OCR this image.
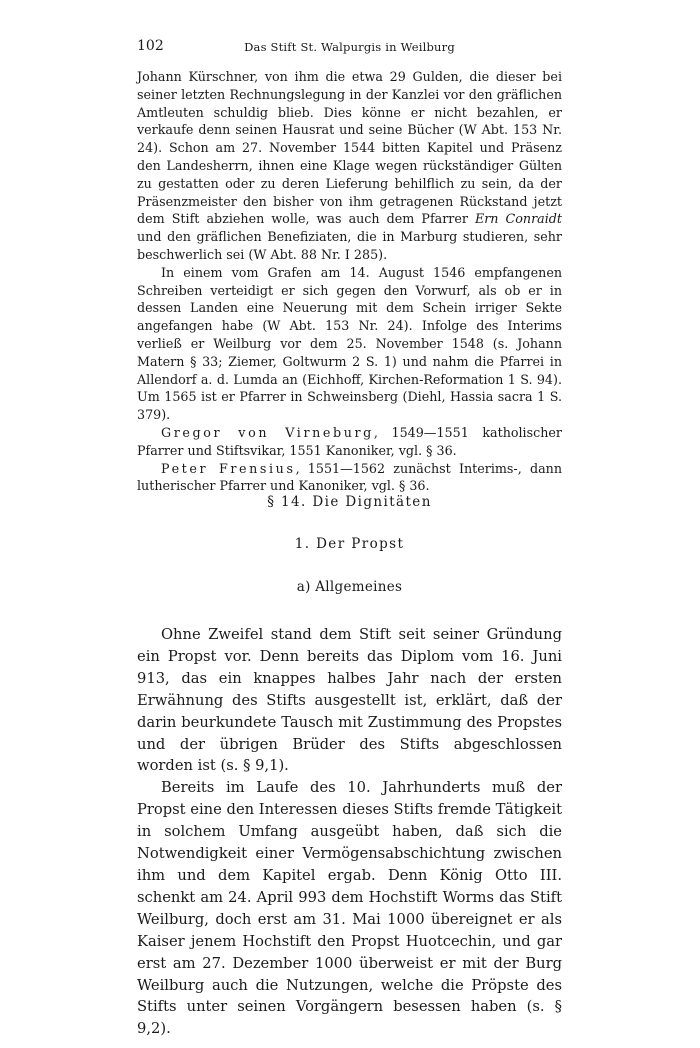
102	Das Stift St. Walpurgis in Weilburg

Johann Kürschner, von ihm die etwa 29 Gulden, die dieser bei seiner letzten Rechnungslegung in der Kanzlei vor den gräflichen Amtleuten schuldig blieb. Dies könne er nicht bezahlen, er verkaufe denn seinen Hausrat und seine Bücher (W Abt. 153 Nr. 24). Schon am 27. November 1544 bitten Kapitel und Präsenz den Landesherrn, ihnen eine Klage wegen rückständiger Gülten zu gestatten oder zu deren Lieferung behilflich zu sein, da der Präsenzmeister den bisher von ihm getragenen Rückstand jetzt dem Stift abziehen wolle, was auch dem Pfarrer Ern Conraidt und den gräflichen Benefiziaten, die in Marburg studieren, sehr beschwerlich sei (W Abt. 88 Nr. I 285).

In einem vom Grafen am 14. August 1546 empfangenen Schreiben verteidigt er sich gegen den Vorwurf, als ob er in dessen Landen eine Neuerung mit dem Schein irriger Sekte angefangen habe (W Abt. 153 Nr. 24). Infolge des Interims verließ er Weilburg vor dem 25. November 1548 (s. Johann Matern § 33; Ziemer, Goltwurm 2 S. 1) und nahm die Pfarrei in Allendorf a. d. Lumda an (Eichhoff, Kirchen-Reformation 1 S. 94). Um 1565 ist er Pfarrer in Schweinsberg (Diehl, Hassia sacra 1 S. 379).

Gregor von Virneburg, 1549—1551 katholischer Pfarrer und Stiftsvikar, 1551 Kanoniker, vgl. § 36.

Peter Frensius, 1551—1562 zunächst Interims-, dann lutherischer Pfarrer und Kanoniker, vgl. § 36.

§ 14. Die Dignitäten
1. Der Propst
a) Allgemeines

Ohne Zweifel stand dem Stift seit seiner Gründung ein Propst vor. Denn bereits das Diplom vom 16. Juni 913, das ein knappes halbes Jahr nach der ersten Erwähnung des Stifts ausgestellt ist, erklärt, daß der darin beurkundete Tausch mit Zustimmung des Propstes und der übrigen Brüder des Stifts abgeschlossen worden ist (s. § 9,1).

Bereits im Laufe des 10. Jahrhunderts muß der Propst eine den Interessen dieses Stifts fremde Tätigkeit in solchem Umfang ausgeübt haben, daß sich die Notwendigkeit einer Vermögensabschichtung zwischen ihm und dem Kapitel ergab. Denn König Otto III. schenkt am 24. April 993 dem Hochstift Worms das Stift Weilburg, doch erst am 31. Mai 1000 übereignet er als Kaiser jenem Hochstift den Propst Huotcechin, und gar erst am 27. Dezember 1000 überweist er mit der Burg Weilburg auch die Nutzungen, welche die Pröpste des Stifts unter seinen Vorgängern besessen haben (s. § 9,2).
